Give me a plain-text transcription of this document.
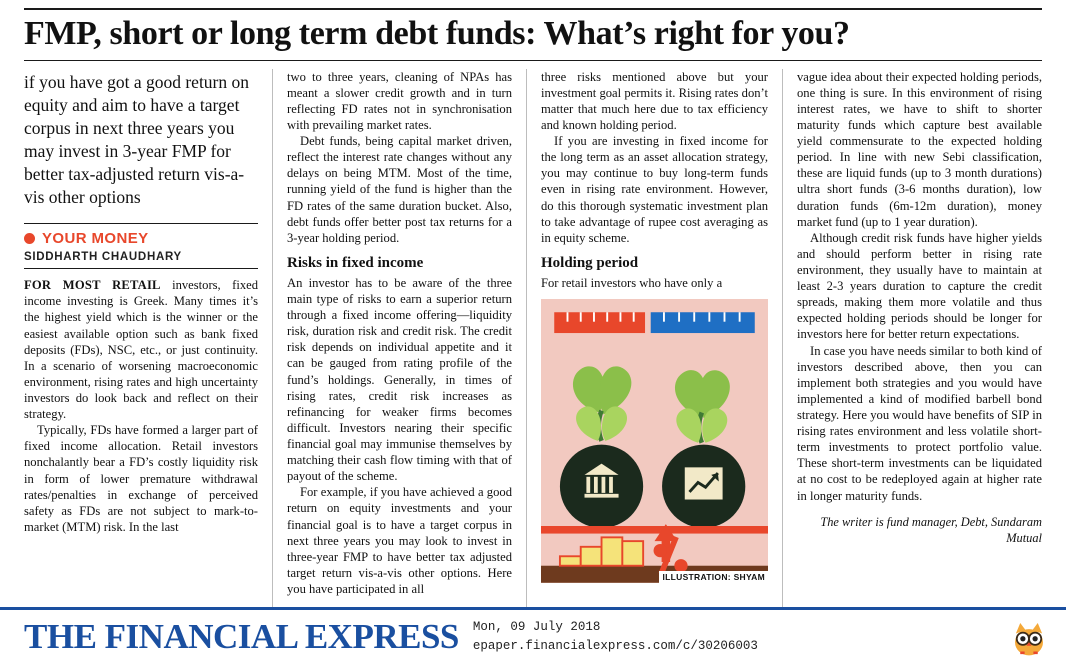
FMP, short or long term debt funds: What’s right for you?
if you have got a good return on equity and aim to have a target corpus in next three years you may invest in 3-year FMP for better tax-adjusted return vis-a-vis other options
YOUR MONEY
SIDDHARTH CHAUDHARY

FOR MOST RETAIL investors, fixed income investing is Greek. Many times it’s the highest yield which is the winner or the easiest available option such as bank fixed deposits (FDs), NSC, etc., or just continuity. In a scenario of worsening macroeconomic environment, rising rates and high uncertainty investors do look back and reflect on their strategy.

Typically, FDs have formed a larger part of fixed income allocation. Retail investors nonchalantly bear a FD’s costly liquidity risk in form of lower premature withdrawal rates/penalties in exchange of perceived safety as FDs are not subject to mark-to-market (MTM) risk. In the last

two to three years, cleaning of NPAs has meant a slower credit growth and in turn reflecting FD rates not in synchronisation with prevailing market rates.

Debt funds, being capital market driven, reflect the interest rate changes without any delays on being MTM. Most of the time, running yield of the fund is higher than the FD rates of the same duration bucket. Also, debt funds offer better post tax returns for a 3-year holding period.

Risks in fixed income

An investor has to be aware of the three main type of risks to earn a superior return through a fixed income offering—liquidity risk, duration risk and credit risk. The credit risk depends on individual appetite and it can be gauged from rating profile of the fund’s holdings. Generally, in times of rising rates, credit risk increases as refinancing for weaker firms becomes difficult. Investors nearing their specific financial goal may immunise themselves by matching their cash flow timing with that of payout of the scheme.

For example, if you have achieved a good return on equity investments and your financial goal is to have a target corpus in next three years you may look to invest in three-year FMP to have better tax adjusted target return vis-a-vis other options. Here you have participated in all

three risks mentioned above but your investment goal permits it. Rising rates don’t matter that much here due to tax efficiency and known holding period.

If you are investing in fixed income for the long term as an asset allocation strategy, you may continue to buy long-term funds even in rising rate environment. However, do this thorough systematic investment plan to take advantage of rupee cost averaging as in equity scheme.

Holding period

For retail investors who have only a

ILLUSTRATION: SHYAM

vague idea about their expected holding periods, one thing is sure. In this environment of rising interest rates, we have to shift to shorter maturity funds which capture best available yield commensurate to the expected holding period. In line with new Sebi classification, these are liquid funds (up to 3 month durations) ultra short funds (3-6 months duration), low duration funds (6m-12m duration), money market fund (up to 1 year duration).

Although credit risk funds have higher yields and should perform better in rising rate environment, they usually have to maintain at least 2-3 years duration to capture the credit spreads, making them more volatile and thus expected holding periods should be longer for investors here for better return expectations.

In case you have needs similar to both kind of investors described above, then you can implement both strategies and you would have implemented a kind of modified barbell bond strategy. Here you would have benefits of SIP in rising rates environment and less volatile short-term investments to protect portfolio value. These short-term investments can be liquidated at no cost to be redeployed again at higher rate in longer maturity funds.

The writer is fund manager, Debt, Sundaram Mutual
THE FINANCIAL EXPRESS Mon, 09 July 2018
epaper.financialexpress.com/c/30206003
